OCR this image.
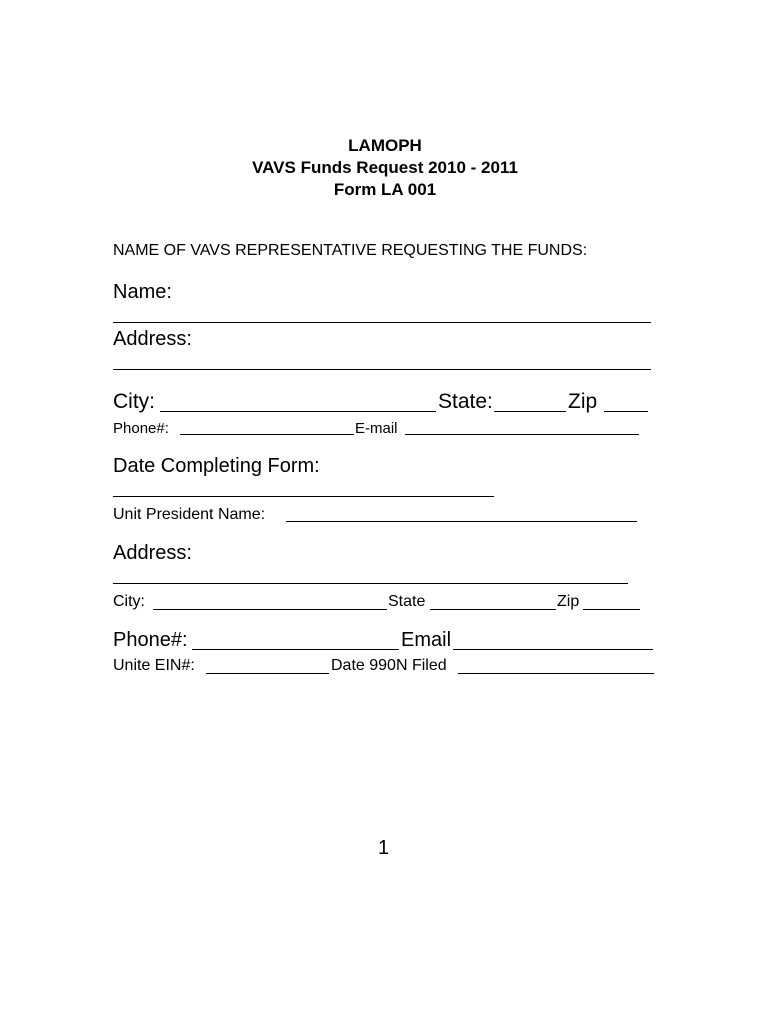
LAMOPH
VAVS Funds Request 2010 - 2011
Form LA 001
NAME OF VAVS REPRESENTATIVE REQUESTING THE FUNDS:
Name:
Address:
City:	State:	Zip
Phone#:	E-mail
Date Completing Form:
Unit President Name:
Address:
City:	State	Zip
Phone#:	Email
Unite EIN#:	Date 990N Filed
1
